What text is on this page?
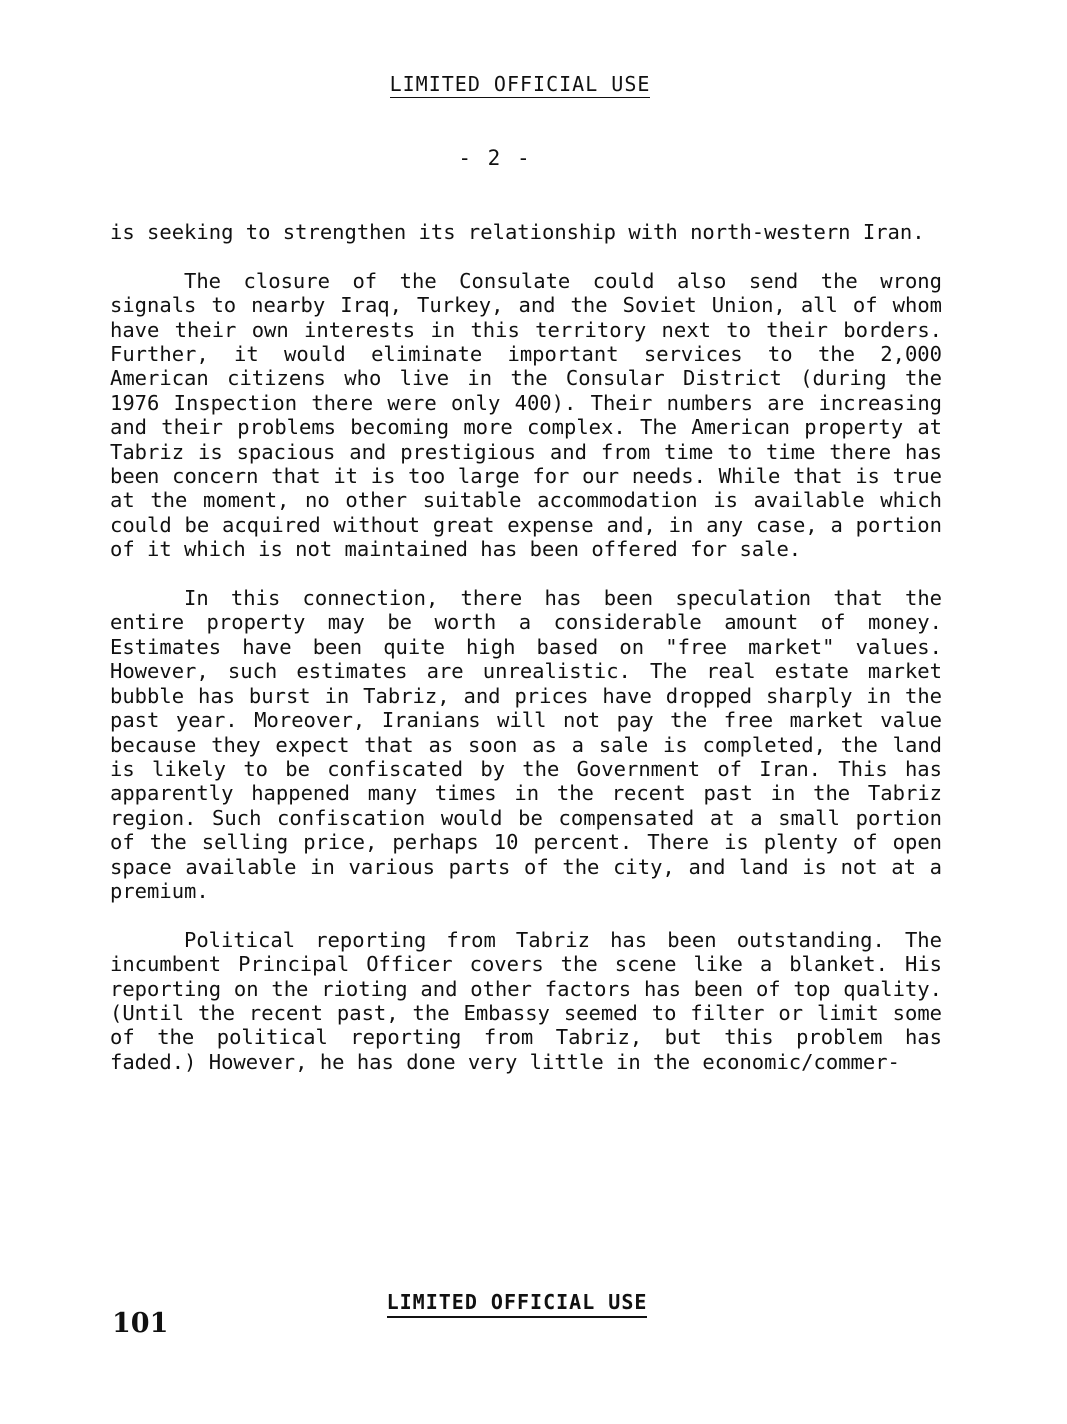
LIMITED OFFICIAL USE
- 2 -

is seeking to strengthen its relationship with north-western Iran.

The closure of the Consulate could also send the wrong signals to nearby Iraq, Turkey, and the Soviet Union, all of whom have their own interests in this territory next to their borders. Further, it would eliminate important services to the 2,000 American citizens who live in the Consular District (during the 1976 Inspection there were only 400). Their numbers are increasing and their problems becoming more complex. The American property at Tabriz is spacious and prestigious and from time to time there has been concern that it is too large for our needs. While that is true at the moment, no other suitable accommodation is available which could be acquired without great expense and, in any case, a portion of it which is not maintained has been offered for sale.

In this connection, there has been speculation that the entire property may be worth a considerable amount of money. Estimates have been quite high based on "free market" values. However, such estimates are unrealistic. The real estate market bubble has burst in Tabriz, and prices have dropped sharply in the past year. Moreover, Iranians will not pay the free market value because they expect that as soon as a sale is completed, the land is likely to be confiscated by the Government of Iran. This has apparently happened many times in the recent past in the Tabriz region. Such confiscation would be compensated at a small portion of the selling price, perhaps 10 percent. There is plenty of open space available in various parts of the city, and land is not at a premium.

Political reporting from Tabriz has been outstanding. The incumbent Principal Officer covers the scene like a blanket. His reporting on the rioting and other factors has been of top quality. (Until the recent past, the Embassy seemed to filter or limit some of the political reporting from Tabriz, but this problem has faded.) However, he has done very little in the economic/commer-

LIMITED OFFICIAL USE
101
